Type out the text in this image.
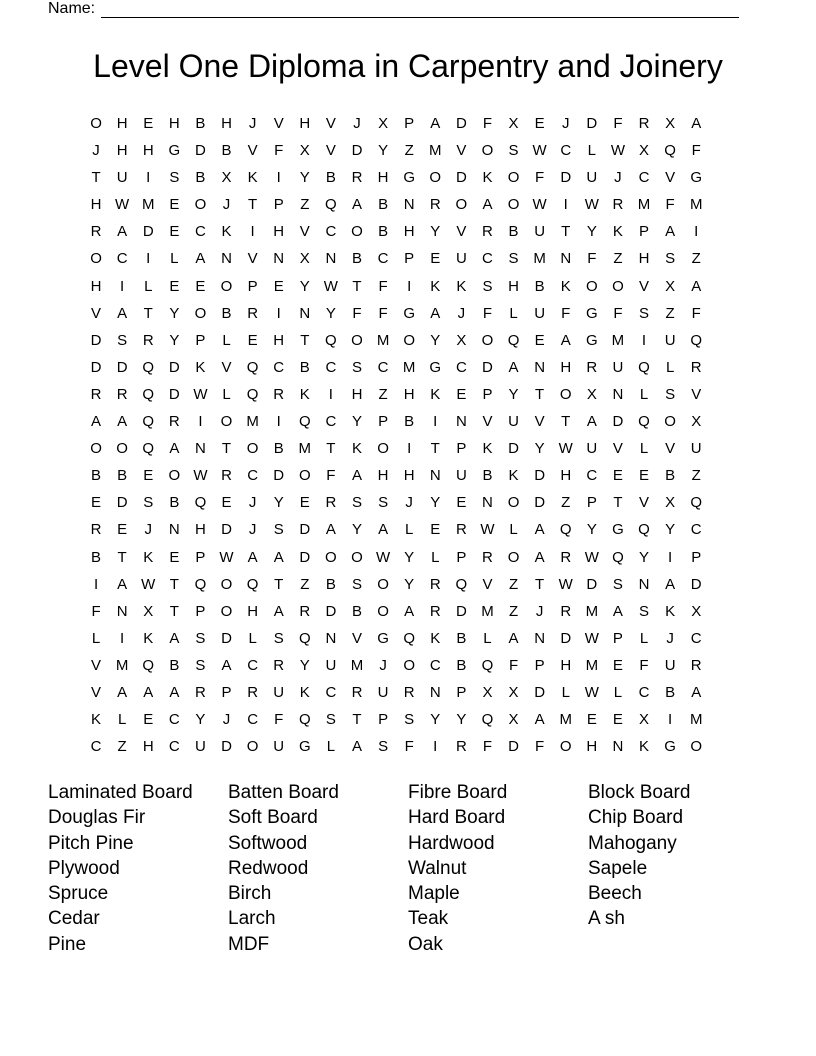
Name:
Level One Diploma in Carpentry and Joinery
O H	E	H	B	H	J	V	H	V	J	X	P	A	D	F	X	E	J	D	F	R	X	A
J	H	H G D	B	V	F	X	V	D	Y	Z	M V	O	S W C	L W X	Q	F
T	U	I	S	B	X	K	I	Y	B	R	H G O D	K	O	F	D	U	J	C	V	G
H W M E	O	J	T	P	Z	Q	A	B	N	R O	A	O W	I	W R M	F	M
R	A	D	E	C	K	I	H	V	C O	B	H	Y	V	R	B	U	T	Y	K	P	A	I
O C	I	L	A	N	V	N	X	N	B	C	P	E	U	C	S M N	F	Z	H	S	Z
H	I	L	E	E	O	P	E	Y W T	F	I	K	K	S	H	B	K	O O	V	X	A
V	A	T	Y	O	B	R	I	N	Y	F	F	G	A	J	F	L	U	F	G	F	S	Z	F
D	S	R	Y	P	L	E	H	T	Q O M O	Y	X	O Q	E	A	G M	I	U Q
D	D Q D	K	V	Q C	B	C	S	C M G C	D	A	N	H	R	U Q	L	R
R	R Q D W L	Q R	K	I	H	Z	H	K	E	P	Y	T	O	X	N	L	S	V
A	A	Q R	I	O M	I	Q C	Y	P	B	I	N	V	U	V	T	A	D Q O	X
O O Q	A	N	T	O	B M	T	K	O	I	T	P	K	D	Y W U	V	L	V	U
B	B	E	O W R	C	D O	F	A	H	H	N	U	B	K	D	H	C	E	E	B	Z
E	D	S	B	Q	E	J	Y	E	R	S	S	J	Y	E	N O D	Z	P	T	V	X	Q
R	E	J	N	H	D	J	S	D	A	Y	A	L	E	R W L	A	Q	Y	G Q	Y	C
B	T	K	E	P W A	A	D O O W Y	L	P	R O	A	R W Q	Y	I	P
I	A W T	Q O Q	T	Z	B	S	O	Y	R Q	V	Z	T W D	S	N	A	D
F	N	X	T	P	O H	A	R	D	B	O	A	R	D M	Z	J	R M A	S	K	X
L	I	K	A	S	D	L	S	Q N	V	G Q	K	B	L	A	N	D W P	L	J	C
V M Q	B	S	A	C	R	Y	U M	J	O C	B	Q	F	P	H M E	F	U	R
V	A	A	A	R	P	R	U	K	C	R	U	R	N	P	X	X	D	L W L	C	B	A
K	L	E	C	Y	J	C	F	Q	S	T	P	S	Y	Y	Q	X	A M E	E	X	I	M
C	Z	H	C	U	D O U G	L	A	S	F	I	R	F	D	F	O H	N	K	G O
Laminated Board
Douglas Fir
Pitch Pine
Plywood
Spruce
Cedar
Pine
Batten Board
Soft Board
Softwood
Redwood
Birch
Larch
MDF
Fibre Board
Hard Board
Hardwood
Walnut
Maple
Teak
Oak
Block Board
Chip Board
Mahogany
Sapele
Beech
A sh
